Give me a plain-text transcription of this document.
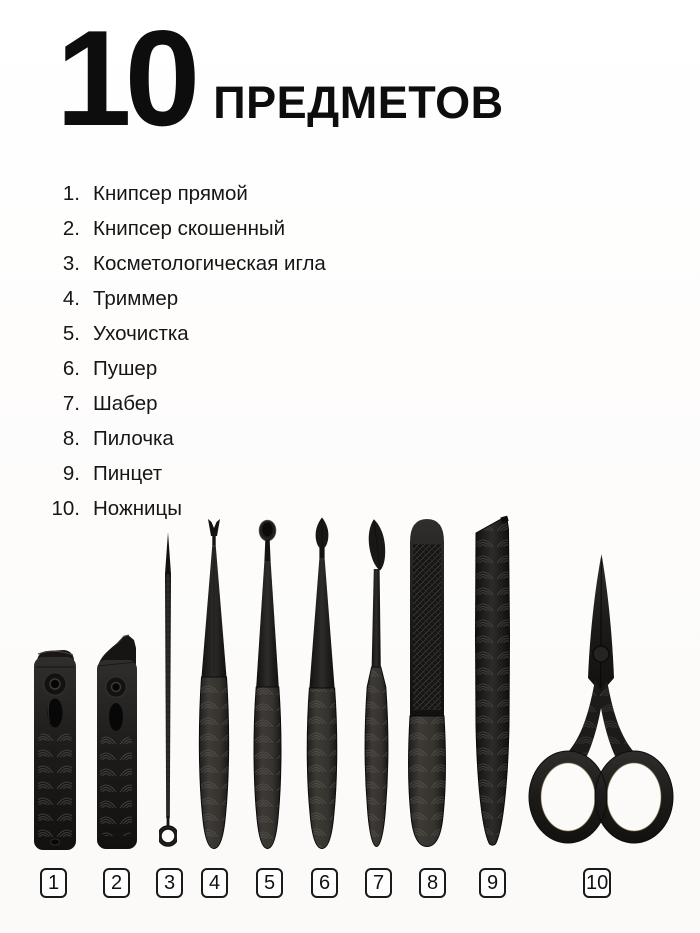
10 ПРЕДМЕТОВ
1. Книпсер прямой
2. Книпсер скошенный
3. Косметологическая игла
4. Триммер
5. Ухочистка
6. Пушер
7. Шабер
8. Пилочка
9. Пинцет
10. Ножницы
1	2	3	4	5	6	7	8	9	10
